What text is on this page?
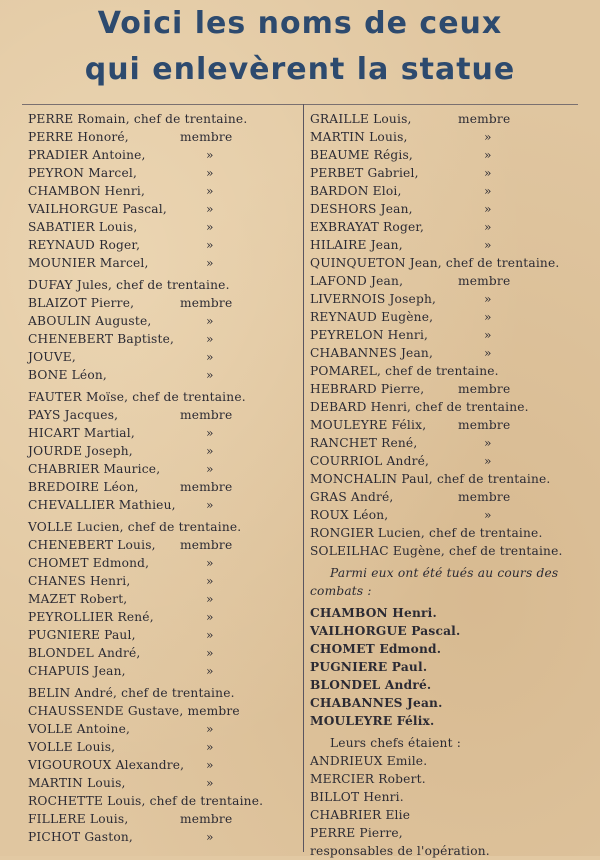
Voici les noms de ceux
qui enlevèrent la statue
PERRE Romain, chef de trentaine.
PERRE Honoré,	membre
PRADIER Antoine,	»
PEYRON Marcel,	»
CHAMBON Henri,	»
VAILHORGUE Pascal,	»
SABATIER Louis,	»
REYNAUD Roger,	»
MOUNIER Marcel,	»
DUFAY Jules, chef de trentaine.
BLAIZOT Pierre,	membre
ABOULIN Auguste,	»
CHENEBERT Baptiste,	»
JOUVE,	»
BONE Léon,	»
FAUTER Moïse, chef de trentaine.
PAYS Jacques,	membre
HICART Martial,	»
JOURDE Joseph,	»
CHABRIER Maurice,	»
BREDOIRE Léon,	membre
CHEVALLIER Mathieu, »
VOLLE Lucien, chef de trentaine.
CHENEBERT Louis, membre
CHOMET Edmond,	»
CHANES Henri,	»
MAZET Robert,	»
PEYROLLIER René,	»
PUGNIERE Paul,	»
BLONDEL André,	»
CHAPUIS Jean,	»
BELIN André, chef de trentaine.
CHAUSSENDE Gustave, membre
VOLLE Antoine,	»
VOLLE Louis,	»
VIGOUROUX Alexandre, »
MARTIN Louis,	»
ROCHETTE Louis, chef de trentaine.
FILLERE Louis,	membre
PICHOT Gaston,	»
GRAILLE Louis,	membre
MARTIN Louis,	»
BEAUME Régis,	»
PERBET Gabriel,	»
BARDON Eloi,	»
DESHORS Jean,	»
EXBRAYAT Roger,	»
HILAIRE Jean,	»
QUINQUETON Jean, chef de trentaine.
LAFOND Jean,	membre
LIVERNOIS Joseph,	»
REYNAUD Eugène,	»
PEYRELON Henri,	»
CHABANNES Jean,	»
POMAREL, chef de trentaine.
HEBRARD Pierre,	membre
DEBARD Henri, chef de trentaine.
MOULEYRE Félix,	membre
RANCHET René,	»
COURRIOL André,	»
MONCHALIN Paul, chef de trentaine.
GRAS André,	membre
ROUX Léon,	»
RONGIER Lucien, chef de trentaine.
SOLEILHAC Eugène, chef de trentaine.
Parmi eux ont été tués au cours des
combats :
CHAMBON Henri.
VAILHORGUE Pascal.
CHOMET Edmond.
PUGNIERE Paul.
BLONDEL André.
CHABANNES Jean.
MOULEYRE Félix.
Leurs chefs étaient :
ANDRIEUX Emile.
MERCIER Robert.
BILLOT Henri.
CHABRIER Elie
PERRE Pierre,
responsables de l'opération.
